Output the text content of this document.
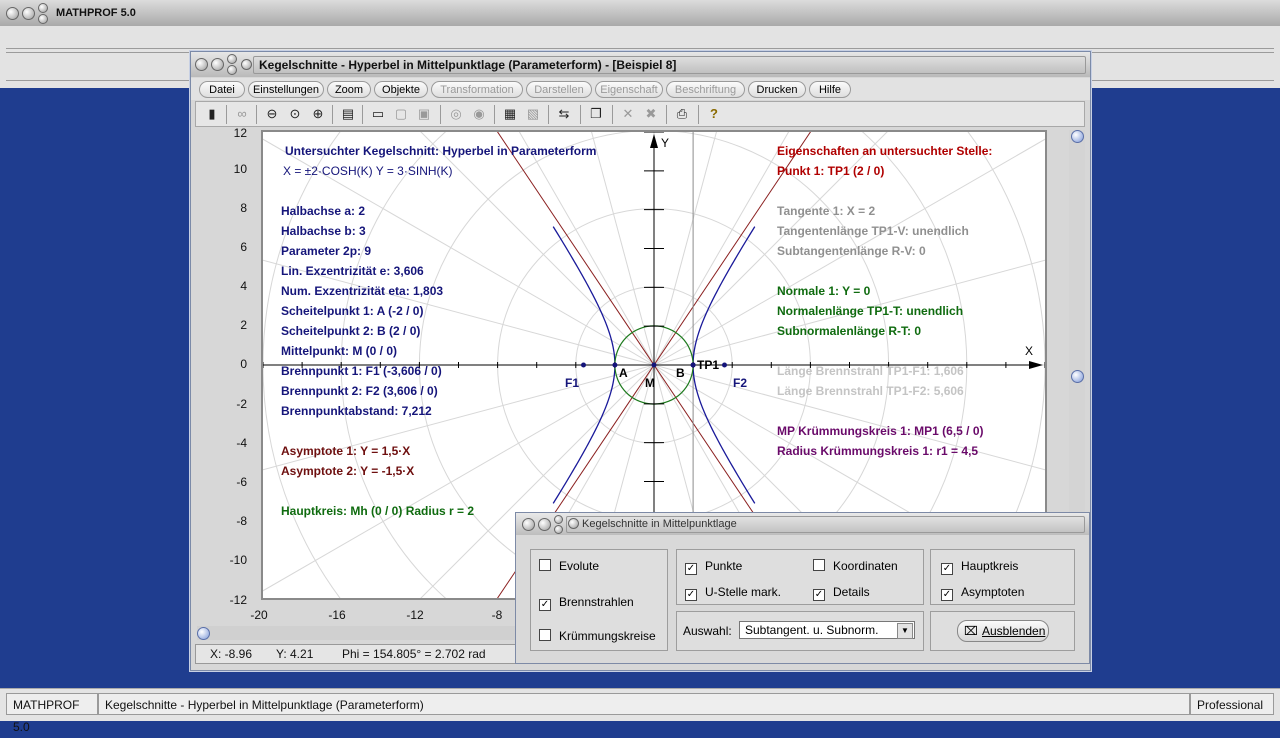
MATHPROF 5.0
Kegelschnitte - Hyperbel in Mittelpunktlage (Parameterform) - [Beispiel 8]
Datei	Einstellungen	Zoom	Objekte	Transformation	Darstellen	Eigenschaft	Beschriftung	Drucken	Hilfe
▮	∞	⊖ ⊙ ⊕	▤ ▭ ▢ ▣	◎ ◉	▦ ▧	⇆	❐	✕ ✖	⎙	?
12
10
8
6
4
2
0
-2
-4
-6
-8
-10
-12
-20	-16	-12	-8
Untersuchter Kegelschnitt: Hyperbel in Parameterform
X = ±2·COSH(K) Y = 3·SINH(K)
Halbachse a: 2
Halbachse b: 3
Parameter 2p: 9
Lin. Exzentrizität e: 3,606
Num. Exzentrizität eta: 1,803
Scheitelpunkt 1: A (-2 / 0)
Scheitelpunkt 2: B (2 / 0)
Mittelpunkt: M (0 / 0)
Brennpunkt 1: F1 (-3,606 / 0)
Brennpunkt 2: F2 (3,606 / 0)
Brennpunktabstand: 7,212
Asymptote 1: Y = 1,5·X
Asymptote 2: Y = -1,5·X
Hauptkreis: Mh (0 / 0) Radius r = 2
Eigenschaften an untersuchter Stelle:
Punkt 1: TP1 (2 / 0)
Tangente 1: X = 2
Tangentenlänge TP1-V: unendlich
Subtangentenlänge R-V: 0
Normale 1: Y = 0
Normalenlänge TP1-T: unendlich
Subnormalenlänge R-T: 0
Länge Brennstrahl TP1-F1: 1,606
Länge Brennstrahl TP1-F2: 5,606
MP Krümmungskreis 1: MP1 (6,5 / 0)
Radius Krümmungskreis 1: r1 = 4,5
Y
X
F1
A
M
B
TP1
F2
X: -8.96 Y: 4.21 Phi = 154.805° = 2.702 rad
Kegelschnitte in Mittelpunktlage
Evolute
✓ Brennstrahlen
Krümmungskreise
✓ Punkte	Koordinaten
✓ U-Stelle mark.	✓ Details
Auswahl: Subtangent. u. Subnorm.	▼
✓ Hauptkreis
✓ Asymptoten
⌧ Ausblenden
MATHPROF 5.0
Kegelschnitte - Hyperbel in Mittelpunktlage (Parameterform)	Professional
